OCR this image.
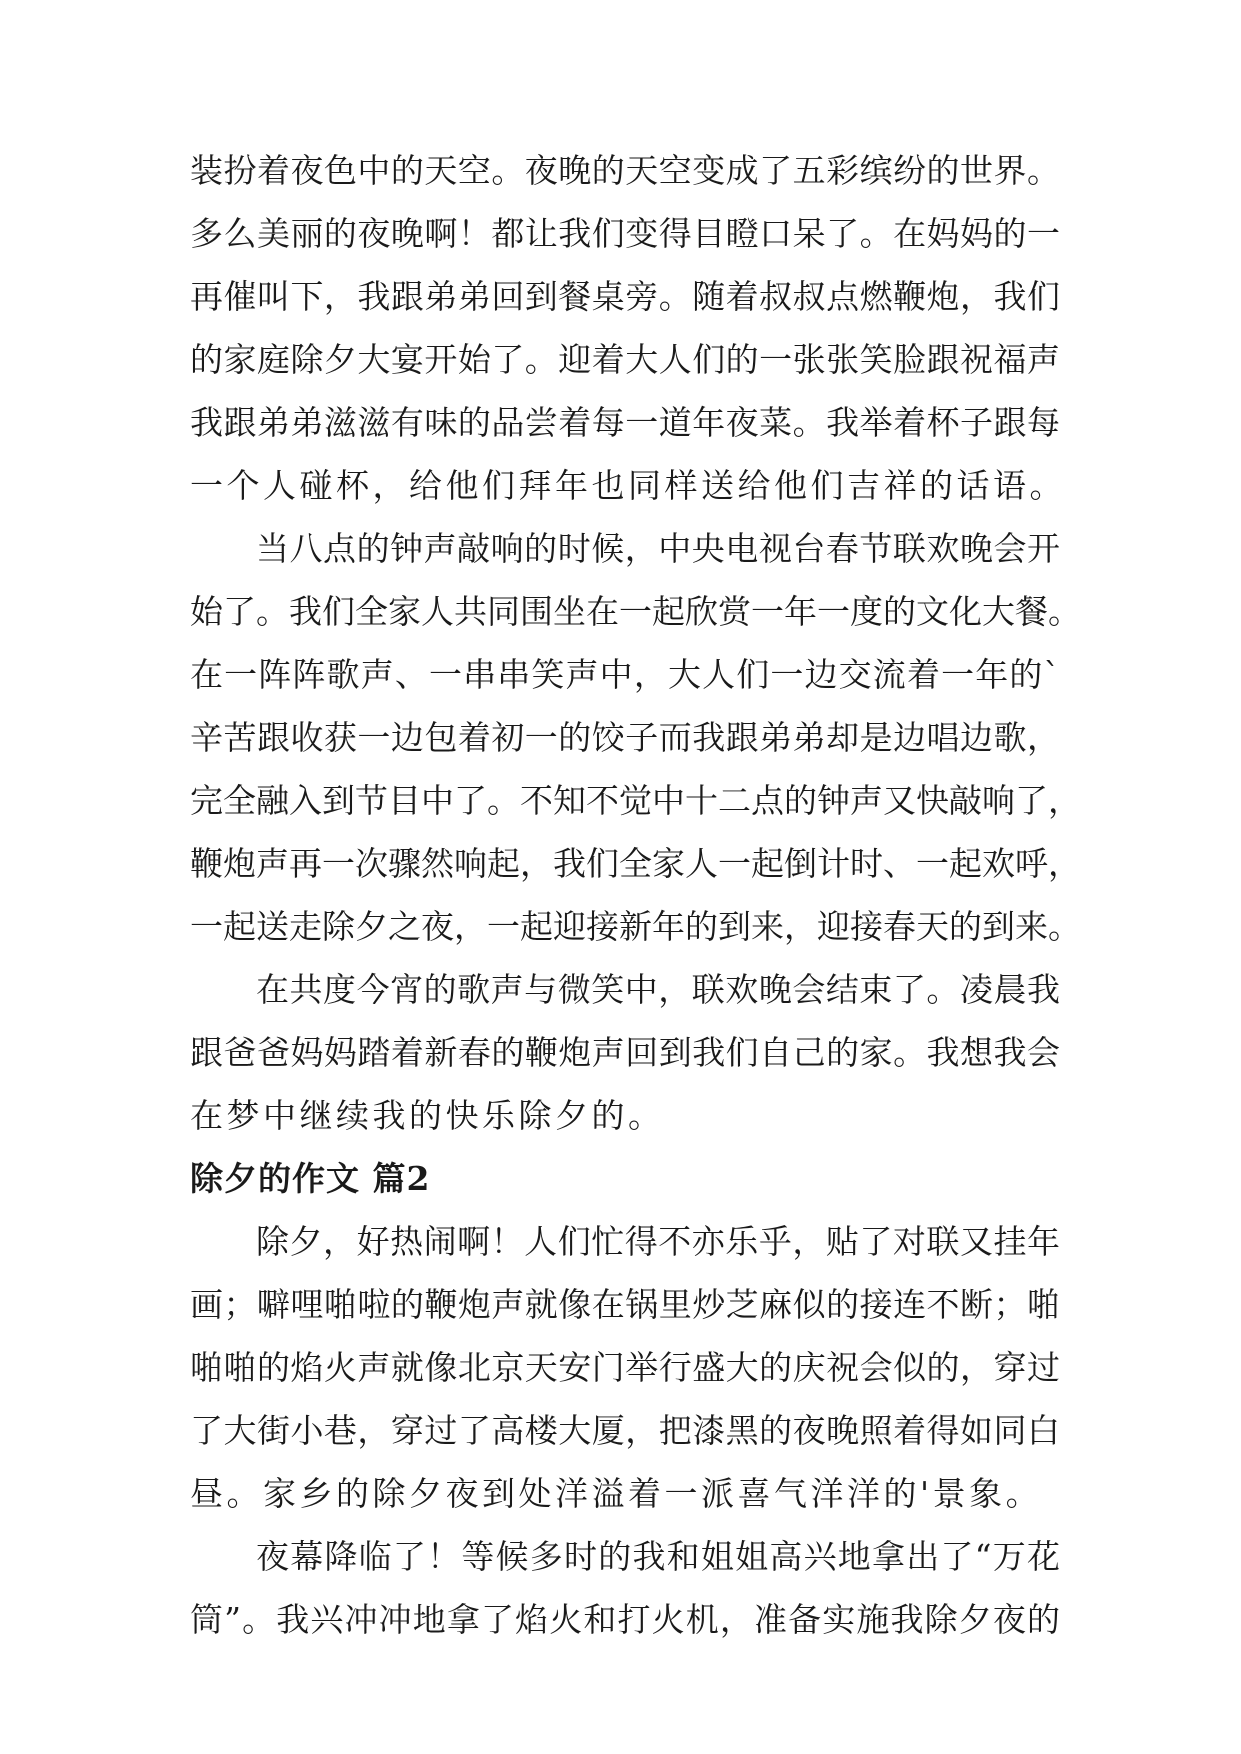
装扮着夜色中的天空。夜晚的天空变成了五彩缤纷的世界。

多么美丽的夜晚啊！都让我们变得目瞪口呆了。在妈妈的一

再催叫下，我跟弟弟回到餐桌旁。随着叔叔点燃鞭炮，我们

的家庭除夕大宴开始了。迎着大人们的一张张笑脸跟祝福声

我跟弟弟滋滋有味的品尝着每一道年夜菜。我举着杯子跟每

一个人碰杯，给他们拜年也同样送给他们吉祥的话语。

当八点的钟声敲响的时候，中央电视台春节联欢晚会开

始了。我们全家人共同围坐在一起欣赏一年一度的文化大餐。

在一阵阵歌声、一串串笑声中，大人们一边交流着一年的`

辛苦跟收获一边包着初一的饺子而我跟弟弟却是边唱边歌，

完全融入到节目中了。不知不觉中十二点的钟声又快敲响了，

鞭炮声再一次骤然响起，我们全家人一起倒计时、一起欢呼，

一起送走除夕之夜，一起迎接新年的到来，迎接春天的到来。

在共度今宵的歌声与微笑中，联欢晚会结束了。凌晨我

跟爸爸妈妈踏着新春的鞭炮声回到我们自己的家。我想我会

在梦中继续我的快乐除夕的。

除夕的作文 篇2

除夕，好热闹啊！人们忙得不亦乐乎，贴了对联又挂年

画；噼哩啪啦的鞭炮声就像在锅里炒芝麻似的接连不断；啪

啪啪的焰火声就像北京天安门举行盛大的庆祝会似的，穿过

了大街小巷，穿过了高楼大厦，把漆黑的夜晚照着得如同白

昼。家乡的除夕夜到处洋溢着一派喜气洋洋的'景象。

夜幕降临了！等候多时的我和姐姐高兴地拿出了“万花

筒”。我兴冲冲地拿了焰火和打火机，准备实施我除夕夜的
